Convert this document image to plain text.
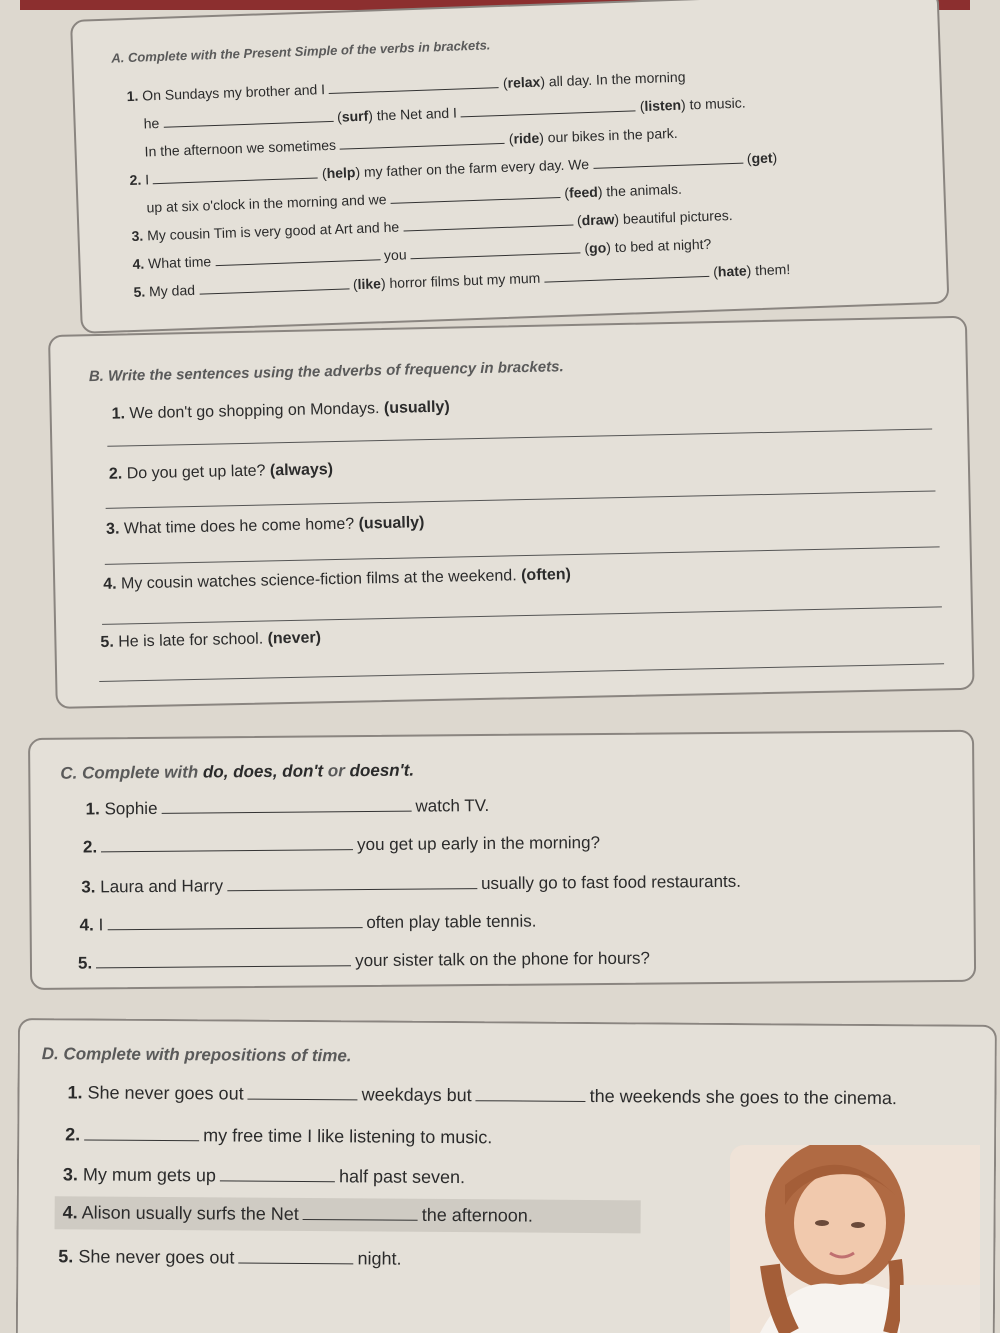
A. Complete with the Present Simple of the verbs in brackets.
1. On Sundays my brother and I	(relax) all day. In the morning
he	(surf) the Net and I	(listen) to music.
In the afternoon we sometimes	(ride) our bikes in the park.
2. I	(help) my father on the farm every day. We	(get)
up at six o'clock in the morning and we	(feed) the animals.
3. My cousin Tim is very good at Art and he	(draw) beautiful pictures.
4. What time	you	(go) to bed at night?
5. My dad	(like) horror films but my mum	(hate) them!
B. Write the sentences using the adverbs of frequency in brackets.
1. We don't go shopping on Mondays. (usually)
2. Do you get up late? (always)
3. What time does he come home? (usually)
4. My cousin watches science-fiction films at the weekend. (often)
5. He is late for school. (never)
C. Complete with do, does, don't or doesn't.
1. Sophie	watch TV.
2.	you get up early in the morning?
3. Laura and Harry	usually go to fast food restaurants.
4. I	often play table tennis.
5.	your sister talk on the phone for hours?
D. Complete with prepositions of time.
1. She never goes out	weekdays but	the weekends she goes to the cinema.
2.	my free time I like listening to music.
3. My mum gets up	half past seven.
4. Alison usually surfs the Net	the afternoon.
5. She never goes out	night.
